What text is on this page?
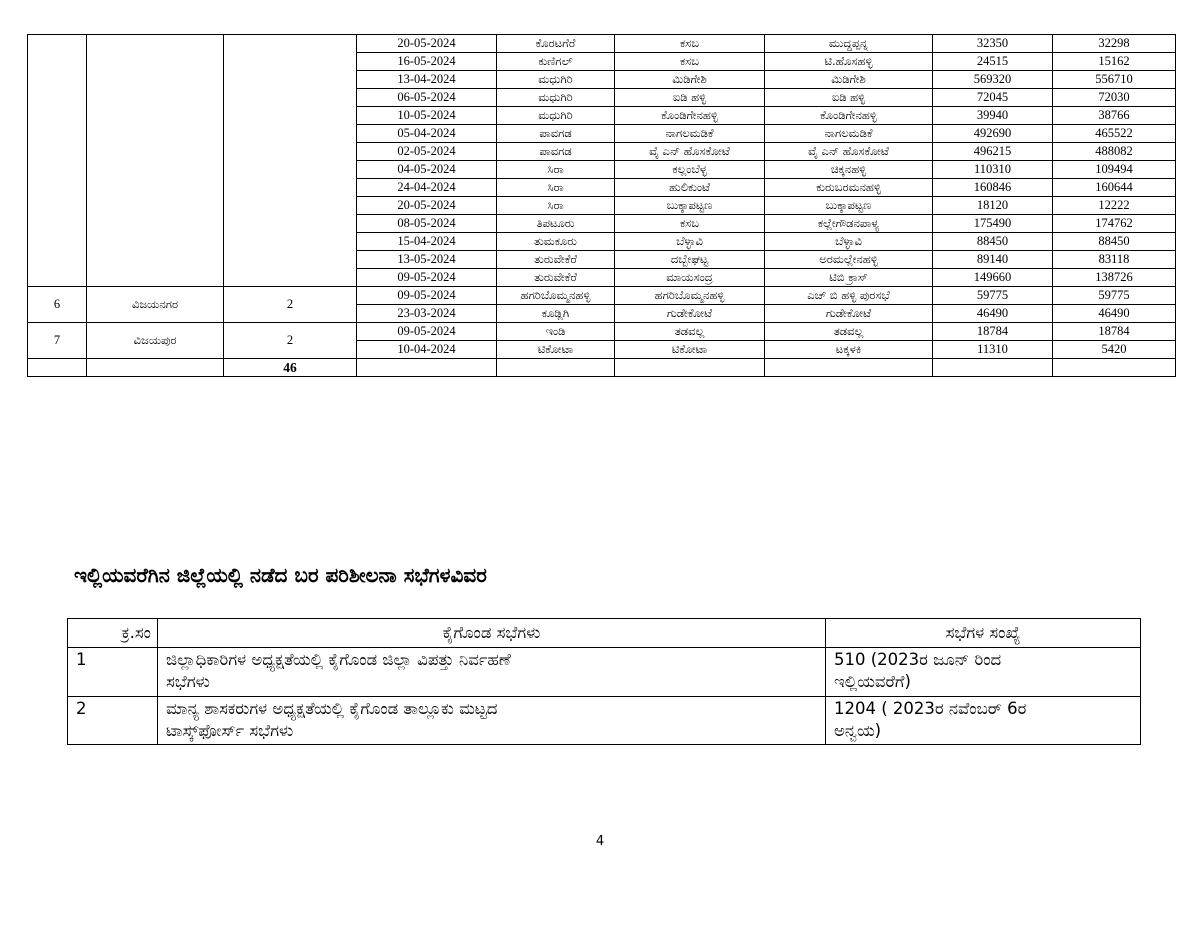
			20-05-2024	ಕೊರಟಗೆರೆ	ಕಸಬ	ಮುದ್ದಪ್ಪನ್ನ	32350	32298
			16-05-2024	ಕುಣಿಗಲ್	ಕಸಬ	ಟಿ.ಹೊಸಹಳ್ಳಿ	24515	15162
			13-04-2024	ಮಧುಗಿರಿ	ಮಿಡಿಗೇಶಿ	ಮಿಡಿಗೇಶಿ	569320	556710
			06-05-2024	ಮಧುಗಿರಿ	ಐಡಿ ಹಳ್ಳಿ	ಐಡಿ ಹಳ್ಳಿ	72045	72030
			10-05-2024	ಮಧುಗಿರಿ	ಕೊಂಡಿಗೇನಹಳ್ಳಿ	ಕೊಂಡಿಗೇನಹಳ್ಳಿ	39940	38766
			05-04-2024	ಪಾವಗಡ	ನಾಗಲಮಡಿಕೆ	ನಾಗಲಮಡಿಕೆ	492690	465522
			02-05-2024	ಪಾವಗಡ	ವೈ ಎನ್ ಹೊಸಕೋಟೆ	ವೈ ಎನ್ ಹೊಸಕೋಟೆ	496215	488082
			04-05-2024	ಸಿರಾ	ಕಲ್ಲಂಬೆಳ್ಳ	ಚಿಕ್ಕನಹಳ್ಳಿ	110310	109494
			24-04-2024	ಸಿರಾ	ಹುಲಿಕುಂಟೆ	ಕುರುಬರಮನಹಳ್ಳಿ	160846	160644
			20-05-2024	ಸಿರಾ	ಬುಕ್ಕಾಪಟ್ಟಣ	ಬುಕ್ಕಾಪಟ್ಟಣ	18120	12222
			08-05-2024	ತಿಪಟೂರು	ಕಸಬ	ಕಲ್ಲೇಗೌಡನಪಾಳ್ಯ	175490	174762
			15-04-2024	ತುಮಕೂರು	ಬೆಳ್ಳಾವಿ	ಬೆಳ್ಳಾವಿ	88450	88450
			13-05-2024	ತುರುವೇಕೆರೆ	ದಬ್ಬೇಘಟ್ಟ	ಅರಮಲ್ಲೇನಹಳ್ಳಿ	89140	83118
			09-05-2024	ತುರುವೇಕೆರೆ	ಮಾಯಸಂದ್ರ	ಟಿಬಿ ಕ್ರಾಸ್	149660	138726
6	ವಿಜಯನಗರ	2	09-05-2024	ಹಗರಿಬೊಮ್ಮನಹಳ್ಳಿ	ಹಗರಿಬೊಮ್ಮನಹಳ್ಳಿ	ಎಚ್ ಬಿ ಹಳ್ಳಿ ಪುರಸಭೆ	59775	59775
			23-03-2024	ಕೂಡ್ಲಿಗಿ	ಗುಡೇಕೋಟೆ	ಗುಡೇಕೋಟೆ	46490	46490
7	ವಿಜಯಪುರ	2	09-05-2024	ಇಂಡಿ	ತಡವಲ್ಲ	ತಡವಲ್ಲ	18784	18784
			10-04-2024	ಟಿಕೋಟಾ	ಟಿಕೋಟಾ	ಟಕ್ಕಳಕಿ	11310	5420
		46						
ಇಲ್ಲಿಯವರೆಗಿನ ಜಿಲ್ಲೆಯಲ್ಲಿ ನಡೆದ ಬರ ಪರಿಶೀಲನಾ ಸಭೆಗಳವಿವರ
ಕ್ರ.ಸಂ	ಕೈಗೊಂಡ ಸಭೆಗಳು	ಸಭೆಗಳ ಸಂಖ್ಯೆ
1	ಜಿಲ್ಲಾಧಿಕಾರಿಗಳ ಅಧ್ಯಕ್ಷತೆಯಲ್ಲಿ ಕೈಗೊಂಡ ಜಿಲ್ಲಾ ವಿಪತ್ತು ನಿರ್ವಹಣೆ
ಸಭೆಗಳು	510 (2023ರ ಜೂನ್ ರಿಂದ
ಇಲ್ಲಿಯವರೆಗೆ)
2	ಮಾನ್ಯ ಶಾಸಕರುಗಳ ಅಧ್ಯಕ್ಷತೆಯಲ್ಲಿ ಕೈಗೊಂಡ ತಾಲ್ಲೂಕು ಮಟ್ಟದ
ಟಾಸ್ಕ್‌ಫೋರ್ಸ್ ಸಭೆಗಳು	1204 ( 2023ರ ನವೆಂಬರ್ 6ರ
ಅನ್ವಯ)
4
